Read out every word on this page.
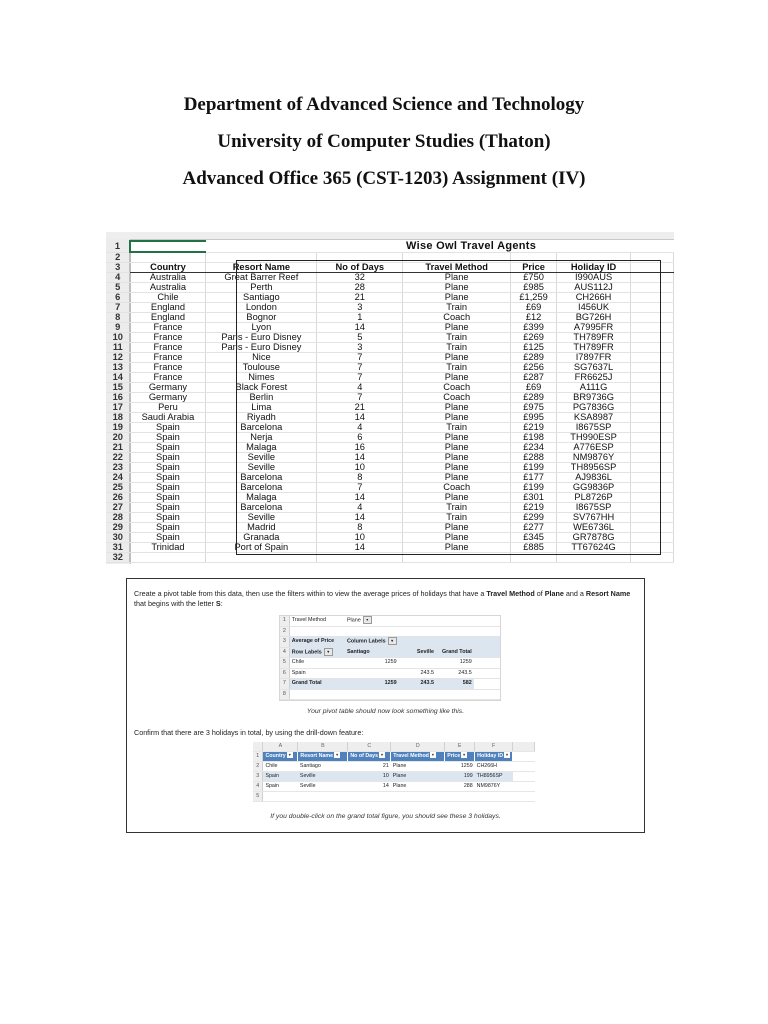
Department of Advanced Science and Technology
University of Computer Studies (Thaton)
Advanced Office 365 (CST-1203) Assignment (IV)
1							
2							
3	Country	Resort Name	No of Days	Travel Method	Price	Holiday ID	
4	Australia	Great Barrer Reef	32	Plane	£750	I990AUS	
5	Australia	Perth	28	Plane	£985	AUS112J	
6	Chile	Santiago	21	Plane	£1,259	CH266H	
7	England	London	3	Train	£69	I456UK	
8	England	Bognor	1	Coach	£12	BG726H	
9	France	Lyon	14	Plane	£399	A7995FR	
10	France	Paris - Euro Disney	5	Train	£269	TH789FR	
11	France	Paris - Euro Disney	3	Train	£125	TH789FR	
12	France	Nice	7	Plane	£289	I7897FR	
13	France	Toulouse	7	Train	£256	SG7637L	
14	France	Nimes	7	Plane	£287	FR6625J	
15	Germany	Black Forest	4	Coach	£69	A111G	
16	Germany	Berlin	7	Coach	£289	BR9736G	
17	Peru	Lima	21	Plane	£975	PG7836G	
18	Saudi Arabia	Riyadh	14	Plane	£995	KSA8987	
19	Spain	Barcelona	4	Train	£219	I8675SP	
20	Spain	Nerja	6	Plane	£198	TH990ESP	
21	Spain	Malaga	16	Plane	£234	A776ESP	
22	Spain	Seville	14	Plane	£288	NM9876Y	
23	Spain	Seville	10	Plane	£199	TH8956SP	
24	Spain	Barcelona	8	Plane	£177	AJ9836L	
25	Spain	Barcelona	7	Coach	£199	GG9836P	
26	Spain	Malaga	14	Plane	£301	PL8726P	
27	Spain	Barcelona	4	Train	£219	I8675SP	
28	Spain	Seville	14	Train	£299	SV767HH	
29	Spain	Madrid	8	Plane	£277	WE6736L	
30	Spain	Granada	10	Plane	£345	GR7878G	
31	Trinidad	Port of Spain	14	Plane	£885	TT67624G	
32							
Wise Owl Travel Agents
Create a pivot table from this data, then use the filters within to view the average prices of holidays that have a Travel Method of Plane and a Resort Name that begins with the letter S:
1	Travel Method	Plane ▾			
2					
3	Average of Price	Column Labels ▾			
4	Row Labels ▾	Santiago	Seville	Grand Total	
5	Chile	1259		1259	
6	Spain		243.5	243.5	
7	Grand Total	1259	243.5	582	
8					
Your pivot table should now look something like this.
Confirm that there are 3 holidays in total, by using the drill-down feature:
	A	B	C	D	E	F	
1	Country ▾	Resort Name ▾	No of Days ▾	Travel Method ▾	Price ▾	Holiday ID ▾	
2	Chile	Santiago	21	Plane	1259	CH266H	
3	Spain	Seville	10	Plane	199	TH8956SP	
4	Spain	Seville	14	Plane	288	NM9876Y	
5							
If you double-click on the grand total figure, you should see these 3 holidays.
